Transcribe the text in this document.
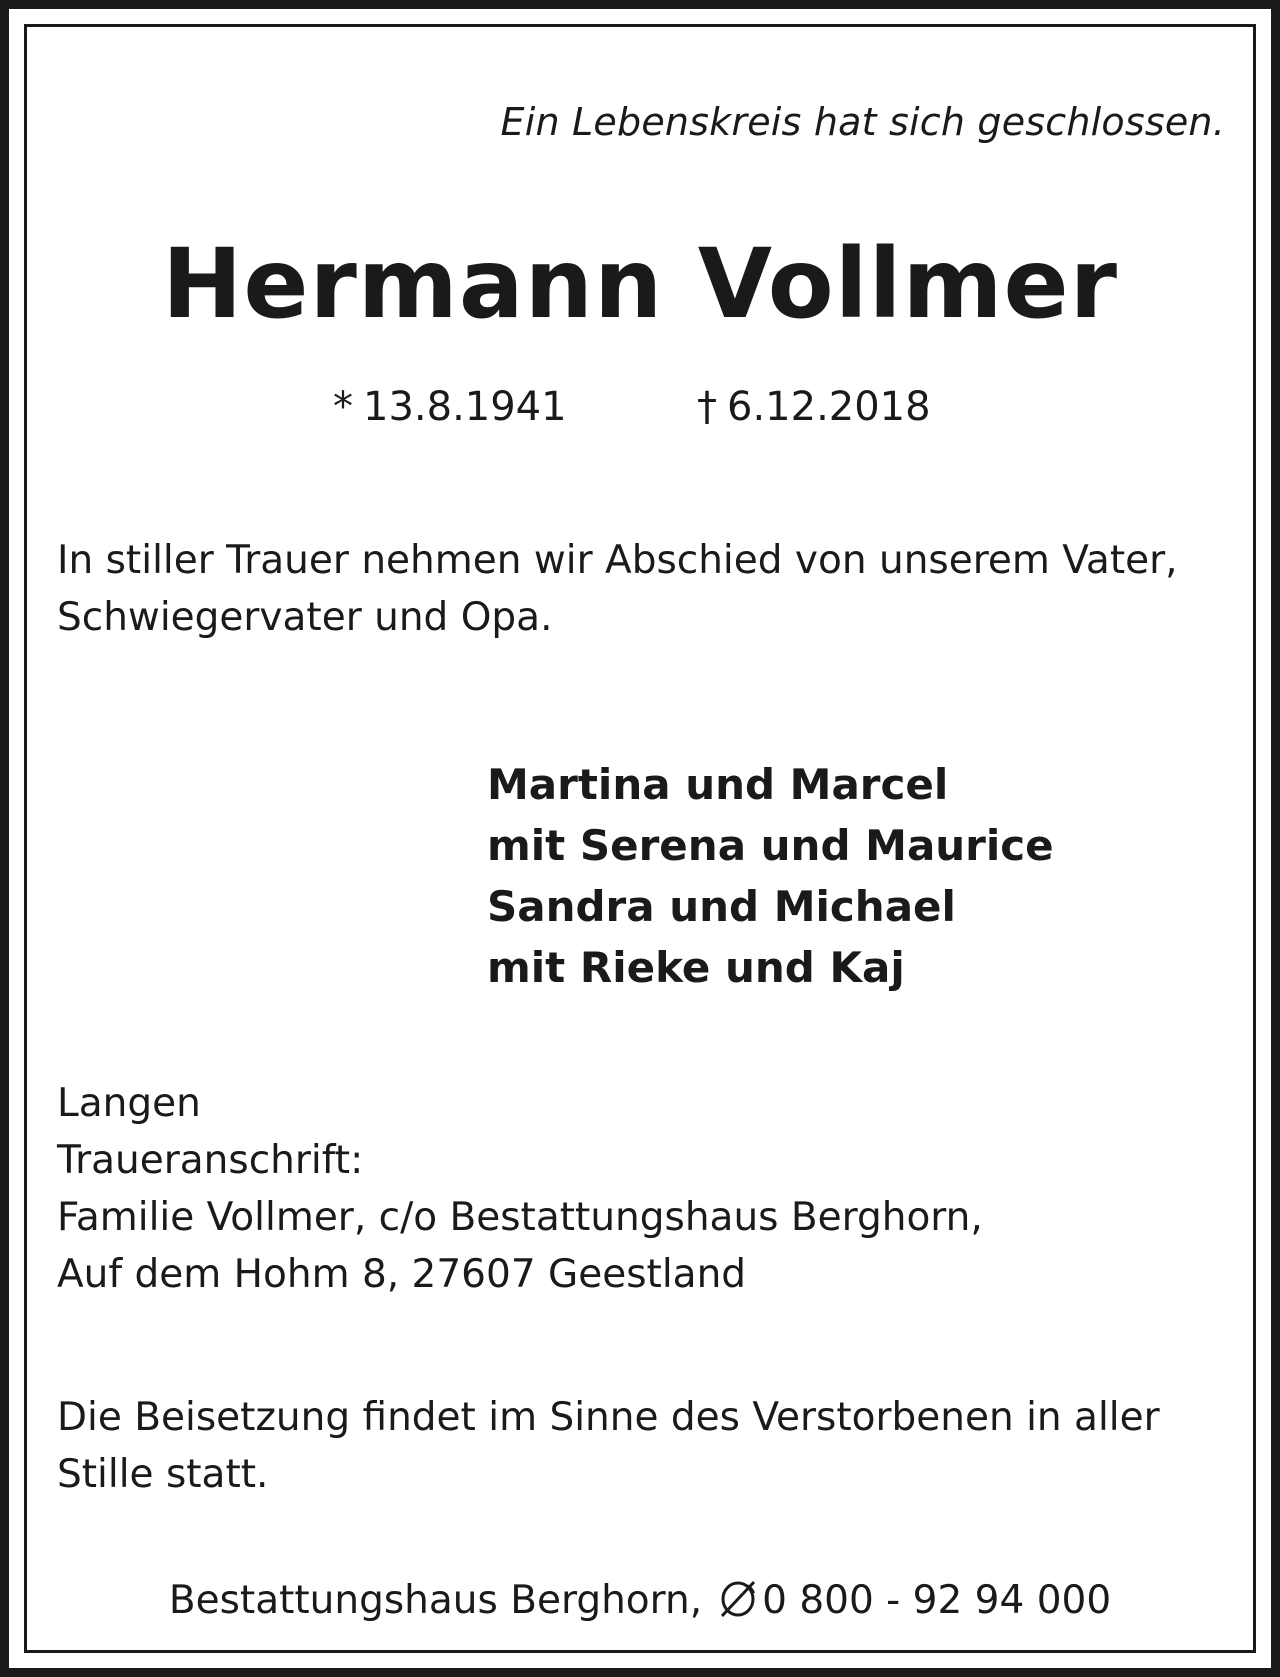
Ein Lebenskreis hat sich geschlossen.
Hermann Vollmer
* 13.8.1941	† 6.12.2018
In stiller Trauer nehmen wir Abschied von unserem Vater,
Schwiegervater und Opa.
Martina und Marcel
mit Serena und Maurice
Sandra und Michael
mit Rieke und Kaj
Langen
Traueranschrift:
Familie Vollmer, c/o Bestattungshaus Berghorn,
Auf dem Hohm 8, 27607 Geestland
Die Beisetzung findet im Sinne des Verstorbenen in aller
Stille statt.
Bestattungshaus Berghorn, 0 800 - 92 94 000
